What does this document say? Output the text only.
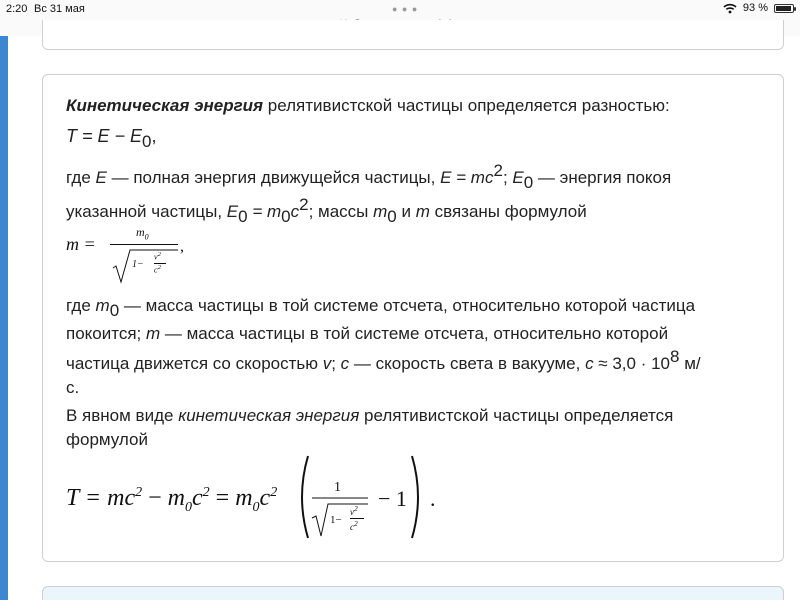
2:20 Вс 31 мая	● ● ●	93 %
Кинетическая энергия релятивистской частицы определяется разностью:
$T = E - E_0$,
где E — полная энергия движущейся частицы, $E = mc^2$; $E_0$ — энергия покоя
указанной частицы, $E_0 = m_0c^2$; массы $m_0$ и m связаны формулой
m =
$m_0$
1−
$v^2$
$c^2$
,
где $m_0$ — масса частицы в той системе отсчета, относительно которой частица
покоится; m — масса частицы в той системе отсчета, относительно которой
частица движется со скоростью v; c — скорость света в вакууме, $c \approx 3,0 \cdot 10^8$ м/
с.
В явном виде кинетическая энергия релятивистской частицы определяется
формулой
$T = mc^2 - m_0c^2 = m_0c^2$	1
1−
$v^2$
$c^2$
− 1 .
